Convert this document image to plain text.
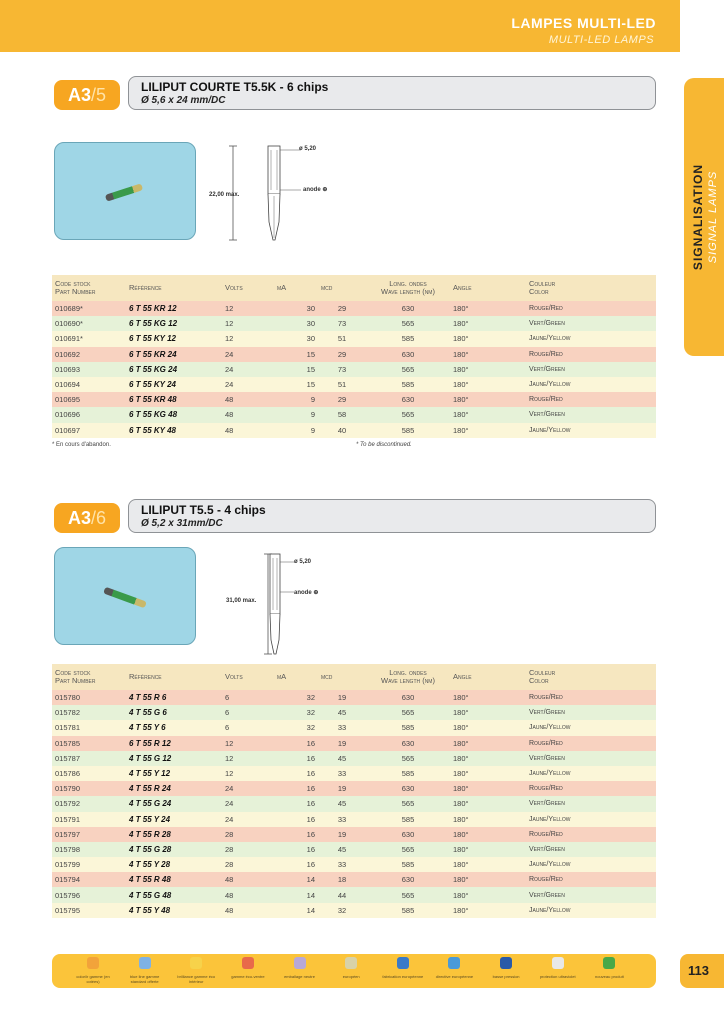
LAMPES MULTI-LED
MULTI-LED LAMPS
SIGNALISATION SIGNAL LAMPS
A3/5	LILIPUT COURTE T5.5K - 6 chips
Ø 5,6 x 24 mm/DC
ø 5,20
22,00 max.
anode ⊕
Code stock
Part Number	Référence	Volts	mA	mcd	Long. ondes
Wave length (nm)	Angle	Couleur
Color
010689*	6 T 55 KR 12	12	30	29	630	180°	Rouge/Red
010690*	6 T 55 KG 12	12	30	73	565	180°	Vert/Green
010691*	6 T 55 KY 12	12	30	51	585	180°	Jaune/Yellow
010692	6 T 55 KR 24	24	15	29	630	180°	Rouge/Red
010693	6 T 55 KG 24	24	15	73	565	180°	Vert/Green
010694	6 T 55 KY 24	24	15	51	585	180°	Jaune/Yellow
010695	6 T 55 KR 48	48	9	29	630	180°	Rouge/Red
010696	6 T 55 KG 48	48	9	58	565	180°	Vert/Green
010697	6 T 55 KY 48	48	9	40	585	180°	Jaune/Yellow
* En cours d'abandon.	* To be discontinued.
A3/6	LILIPUT T5.5 - 4 chips
Ø 5,2 x 31mm/DC
ø 5,20
31,00 max.
anode ⊕
Code stock
Part Number	Référence	Volts	mA	mcd	Long. ondes
Wave length (nm)	Angle	Couleur
Color
015780	4 T 55 R 6	6	32	19	630	180°	Rouge/Red
015782	4 T 55 G 6	6	32	45	565	180°	Vert/Green
015781	4 T 55 Y 6	6	32	33	585	180°	Jaune/Yellow
015785	6 T 55 R 12	12	16	19	630	180°	Rouge/Red
015787	4 T 55 G 12	12	16	45	565	180°	Vert/Green
015786	4 T 55 Y 12	12	16	33	585	180°	Jaune/Yellow
015790	4 T 55 R 24	24	16	19	630	180°	Rouge/Red
015792	4 T 55 G 24	24	16	45	565	180°	Vert/Green
015791	4 T 55 Y 24	24	16	33	585	180°	Jaune/Yellow
015797	4 T 55 R 28	28	16	19	630	180°	Rouge/Red
015798	4 T 55 G 28	28	16	45	565	180°	Vert/Green
015799	4 T 55 Y 28	28	16	33	585	180°	Jaune/Yellow
015794	4 T 55 R 48	48	14	18	630	180°	Rouge/Red
015796	4 T 55 G 48	48	14	44	565	180°	Vert/Green
015795	4 T 55 Y 48	48	14	32	585	180°	Jaune/Yellow
color/ir gamme (en cotées)
blue line gamme standard offerte
brilliance gamme éco intérieur
gamme éco-ventre	emballage neutre	européen	fabrication européenne	directive européenne	basse pression	protection ultraviolet	nouveau produit	113
